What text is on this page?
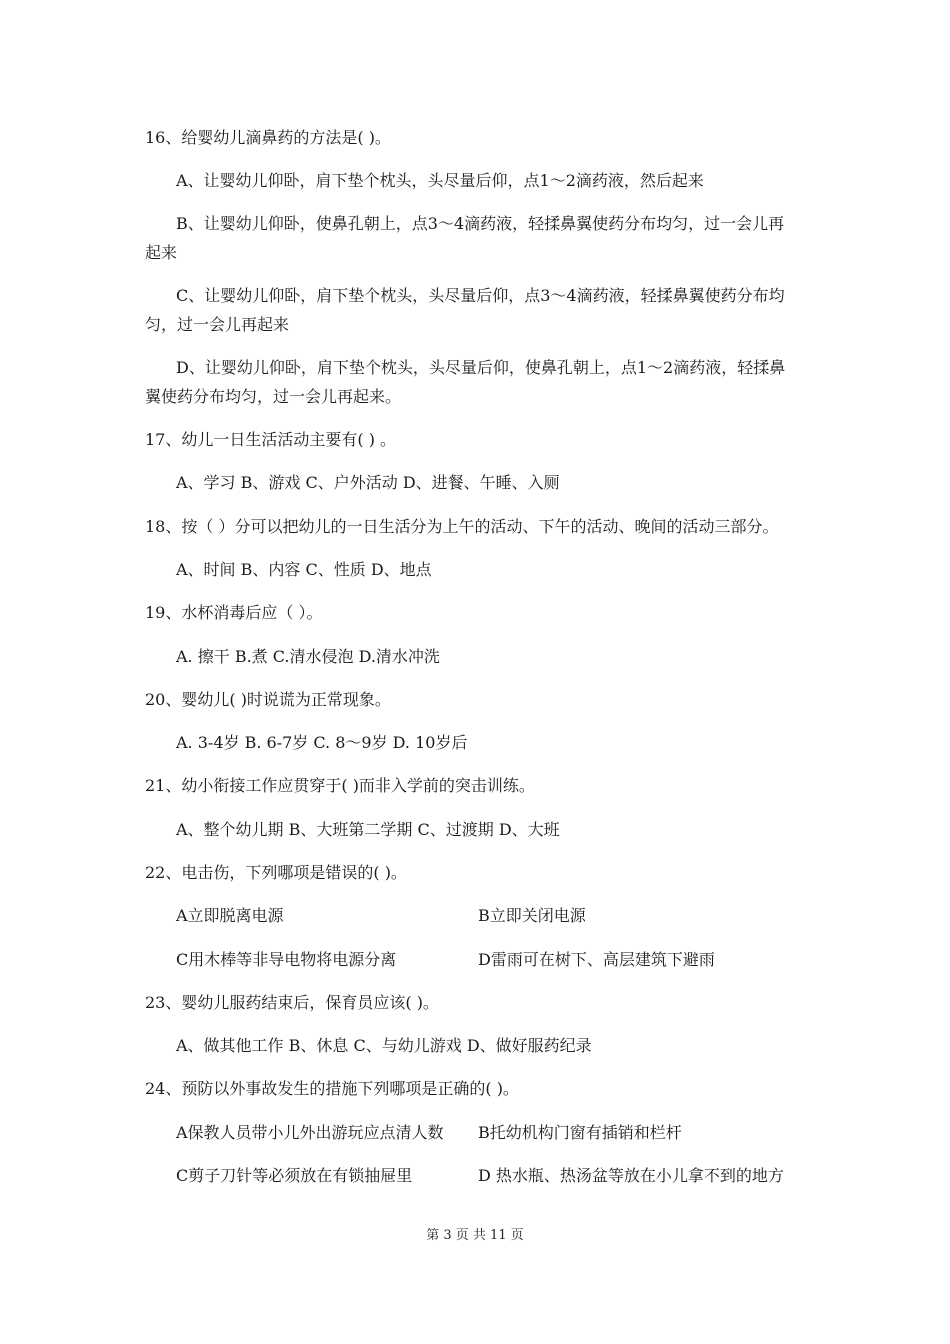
16、给婴幼儿滴鼻药的方法是( )。
A、让婴幼儿仰卧，肩下垫个枕头，头尽量后仰，点1～2滴药液，然后起来
B、让婴幼儿仰卧，使鼻孔朝上，点3～4滴药液，轻揉鼻翼使药分布均匀，过一会儿再
起来
C、让婴幼儿仰卧，肩下垫个枕头，头尽量后仰，点3～4滴药液，轻揉鼻翼使药分布均
匀，过一会儿再起来
D、让婴幼儿仰卧，肩下垫个枕头，头尽量后仰，使鼻孔朝上，点1～2滴药液，轻揉鼻
翼使药分布均匀，过一会儿再起来。
17、幼儿一日生活活动主要有( ) 。
A、学习 B、游戏 C、户外活动 D、进餐、午睡、入厕
18、按（ ）分可以把幼儿的一日生活分为上午的活动、下午的活动、晚间的活动三部分。
A、时间 B、内容 C、性质 D、地点
19、水杯消毒后应（ ）。
A. 擦干 B.煮 C.清水侵泡 D.清水冲洗
20、婴幼儿( )时说谎为正常现象。
A. 3-4岁 B. 6-7岁 C. 8～9岁 D. 10岁后
21、幼小衔接工作应贯穿于( )而非入学前的突击训练。
A、整个幼儿期 B、大班第二学期 C、过渡期 D、大班
22、电击伤，下列哪项是错误的( )。
A立即脱离电源	B立即关闭电源
C用木棒等非导电物将电源分离	D雷雨可在树下、高层建筑下避雨
23、婴幼儿服药结束后，保育员应该( )。
A、做其他工作 B、休息 C、与幼儿游戏 D、做好服药纪录
24、预防以外事故发生的措施下列哪项是正确的( )。
A保教人员带小儿外出游玩应点清人数 B托幼机构门窗有插销和栏杆
C剪子刀针等必须放在有锁抽屉里	D 热水瓶、热汤盆等放在小儿拿不到的地方
第 3 页 共 11 页
